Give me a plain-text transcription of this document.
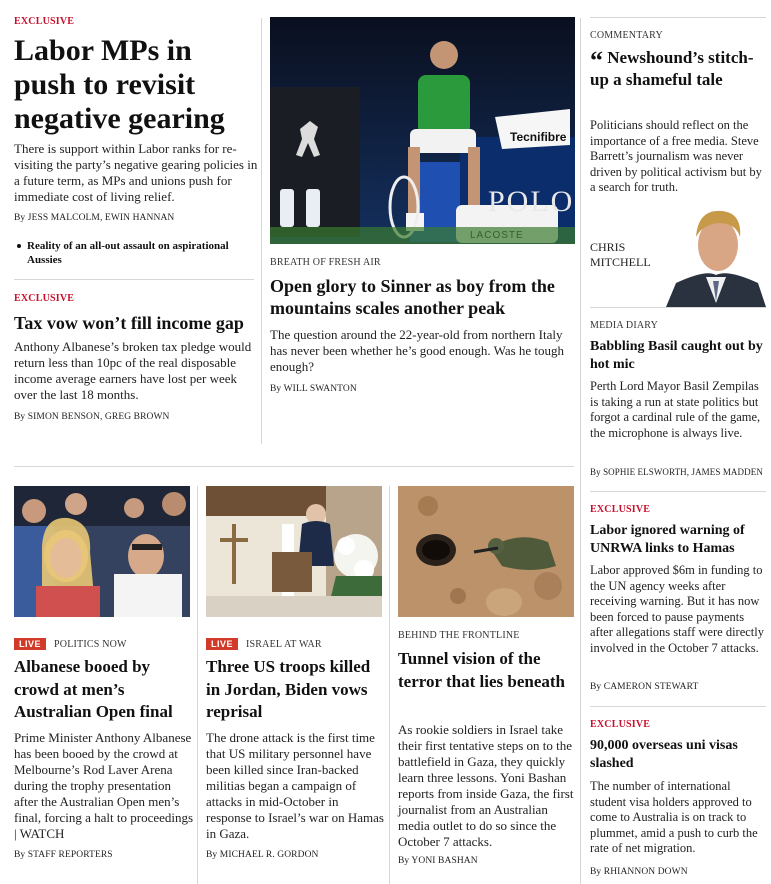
EXCLUSIVE
Labor MPs in push to revisit negative gearing
There is support within Labor ranks for re-visiting the party’s negative gearing policies in a future term, as MPs and unions push for immediate cost of living relief.
By JESS MALCOLM, EWIN HANNAN
Reality of an all-out assault on aspirational Aussies
EXCLUSIVE
Tax vow won’t fill income gap
Anthony Albanese’s broken tax pledge would return less than 10pc of the real disposable income average earners have lost per week over the last 18 months.
By SIMON BENSON, GREG BROWN
Tecnifibre
POLO
BREATH OF FRESH AIR
Open glory to Sinner as boy from the mountains scales another peak
The question around the 22-year-old from northern Italy has never been whether he’s good enough. Was he tough enough?
By WILL SWANTON
COMMENTARY
“ Newshound’s stitch-up a shameful tale
Politicians should reflect on the importance of a free media. Steve Barrett’s journalism was never driven by political activism but by a search for truth.
CHRIS
MITCHELL
MEDIA DIARY
Babbling Basil caught out by hot mic
Perth Lord Mayor Basil Zempilas is taking a run at state politics but forgot a cardinal rule of the game, the microphone is always live.
By SOPHIE ELSWORTH, JAMES MADDEN
EXCLUSIVE
Labor ignored warning of UNRWA links to Hamas
Labor approved $6m in funding to the UN agency weeks after receiving warning. But it has now been forced to pause payments after allegations staff were directly involved in the October 7 attacks.
By CAMERON STEWART
EXCLUSIVE
90,000 overseas uni visas slashed
The number of international student visa holders approved to come to Australia is on track to plummet, amid a push to curb the rate of net migration.
By RHIANNON DOWN
LIVE POLITICS NOW
Albanese booed by crowd at men’s Australian Open final
Prime Minister Anthony Albanese has been booed by the crowd at Melbourne’s Rod Laver Arena during the trophy presentation after the Australian Open men’s final, forcing a halt to proceedings | WATCH
By STAFF REPORTERS
LIVE ISRAEL AT WAR
Three US troops killed in Jordan, Biden vows reprisal
The drone attack is the first time that US military personnel have been killed since Iran-backed militias began a campaign of attacks in mid-October in response to Israel’s war on Hamas in Gaza.
By MICHAEL R. GORDON
BEHIND THE FRONTLINE
Tunnel vision of the terror that lies beneath
As rookie soldiers in Israel take their first tentative steps on to the battlefield in Gaza, they quickly learn three lessons. Yoni Bashan reports from inside Gaza, the first journalist from an Australian media outlet to do so since the October 7 attacks.
By YONI BASHAN
